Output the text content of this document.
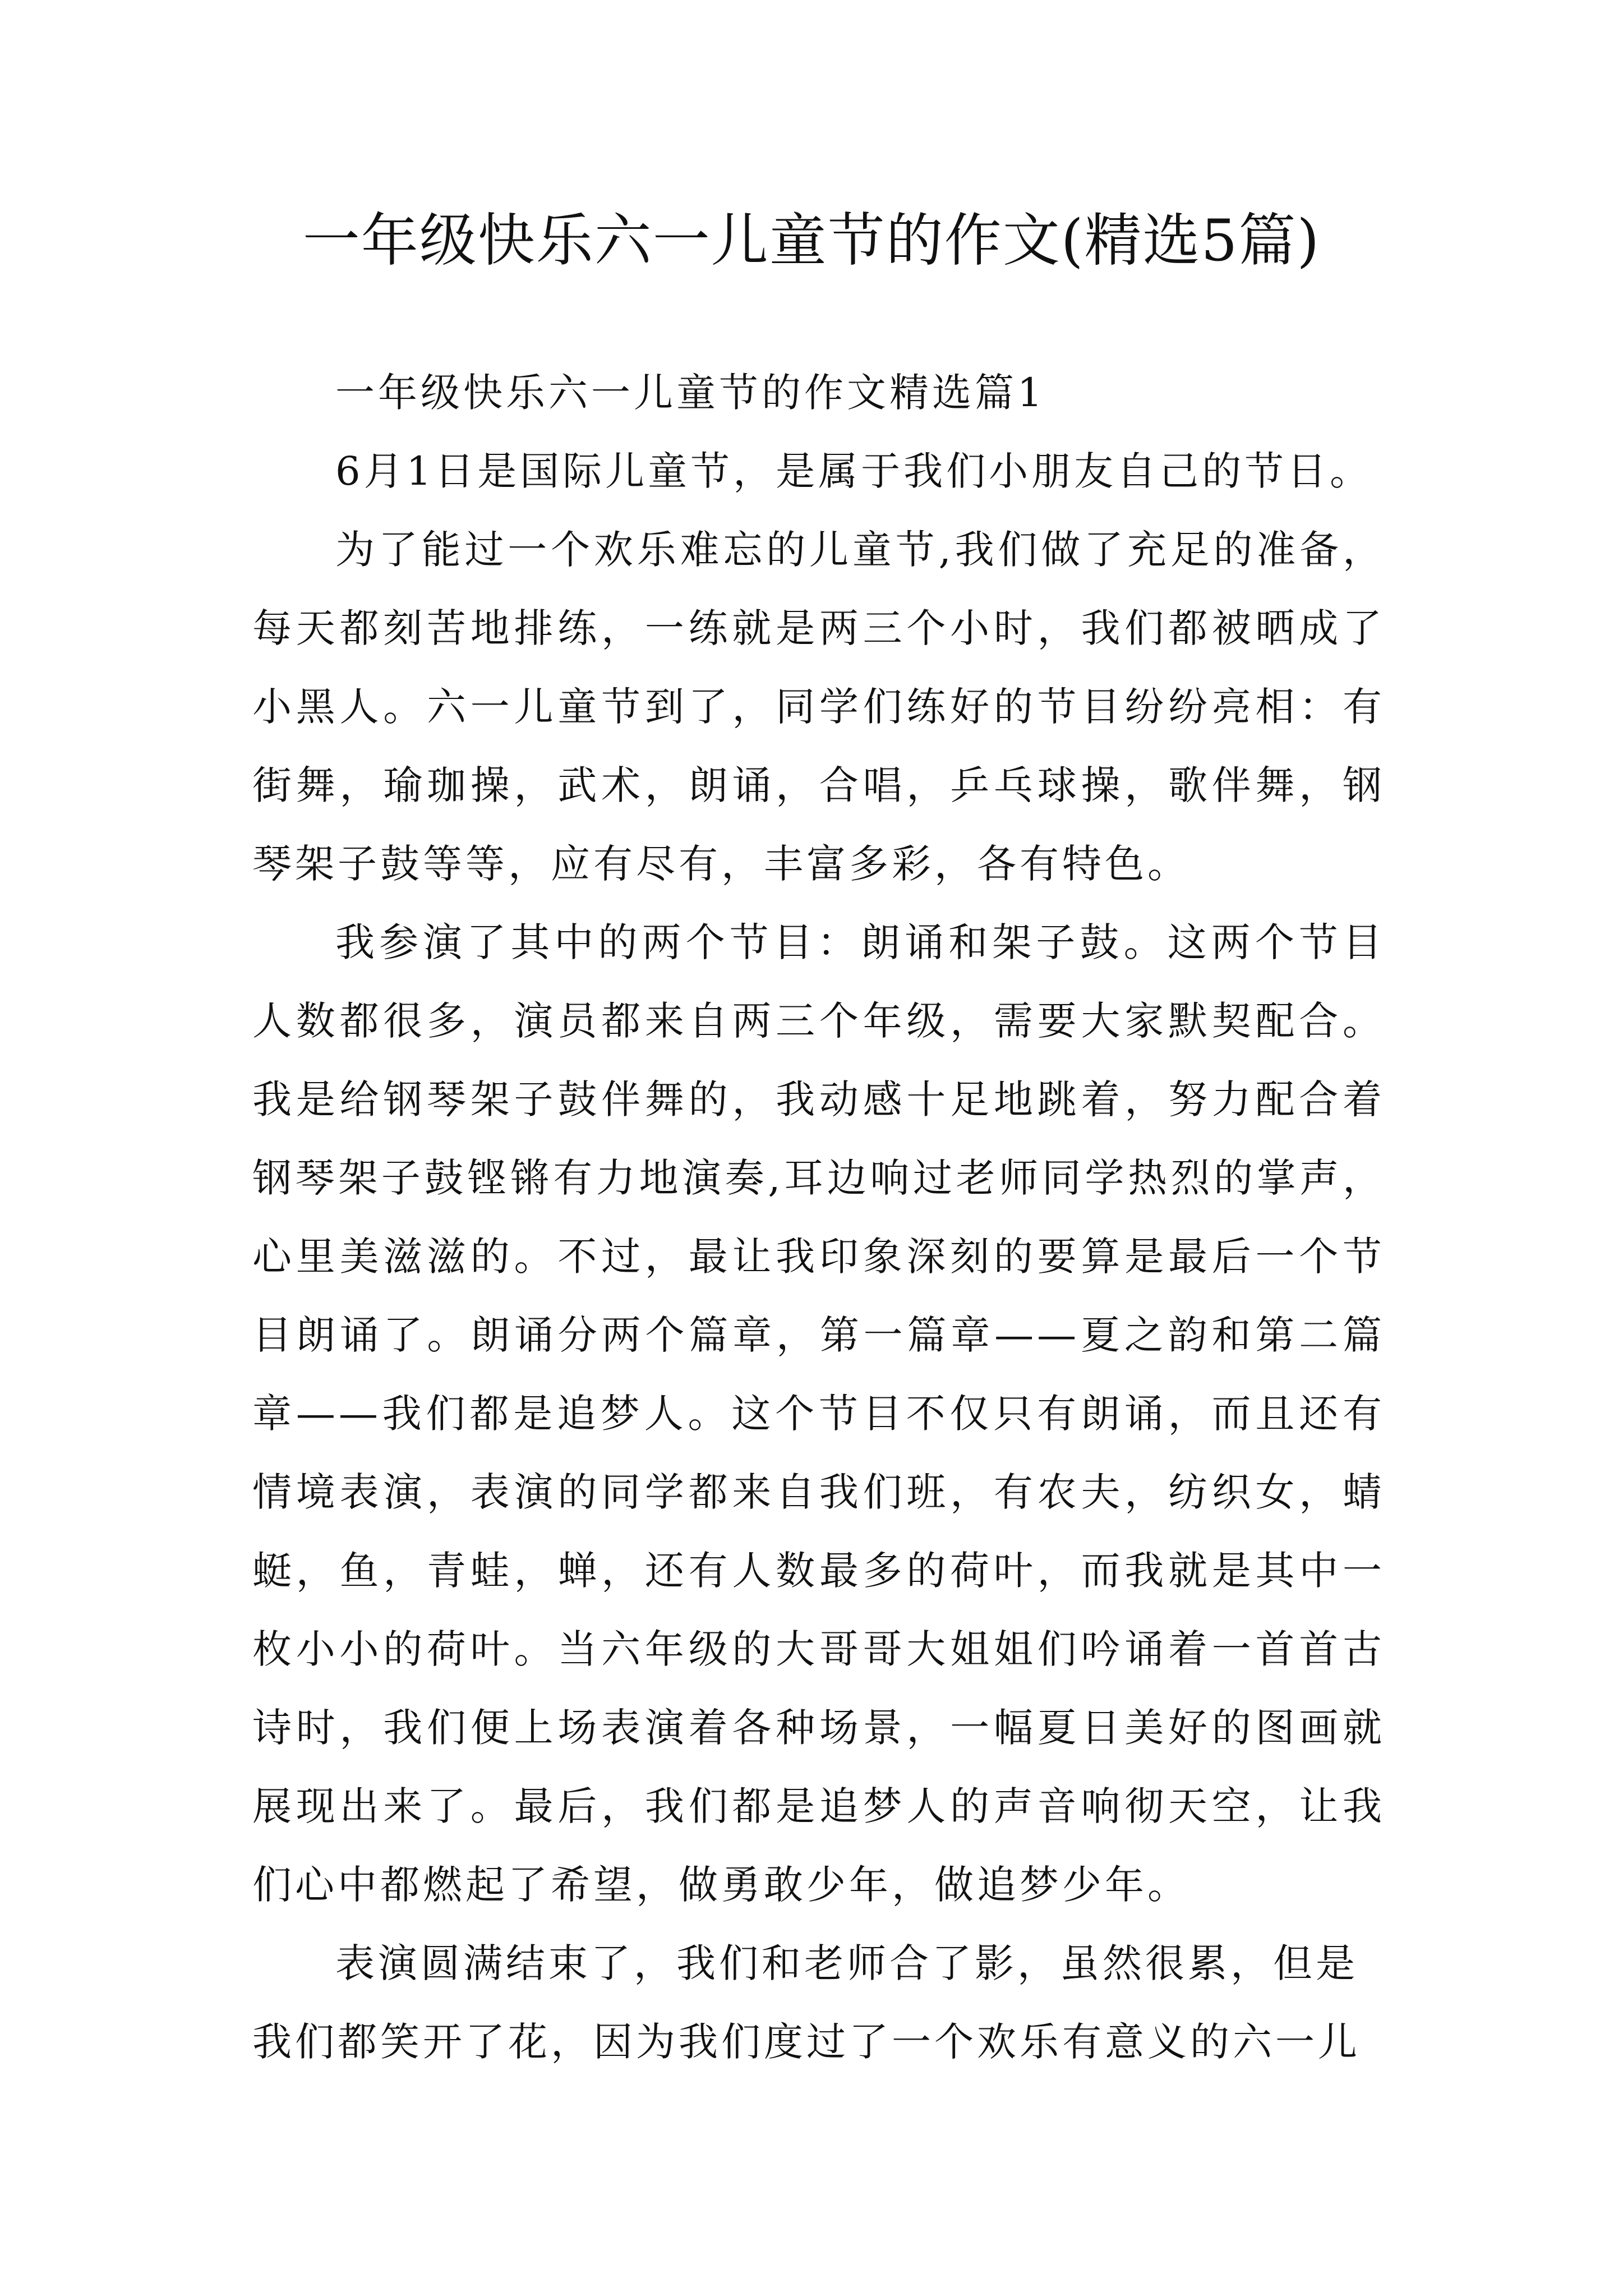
一年级快乐六一儿童节的作文(精选5篇)

一年级快乐六一儿童节的作文精选篇1

6月1日是国际儿童节，是属于我们小朋友自己的节日。

为了能过一个欢乐难忘的儿童节,我们做了充足的准备，每天都刻苦地排练，一练就是两三个小时，我们都被晒成了小黑人。六一儿童节到了，同学们练好的节目纷纷亮相：有街舞，瑜珈操，武术，朗诵，合唱，乒乓球操，歌伴舞，钢琴架子鼓等等，应有尽有，丰富多彩，各有特色。

我参演了其中的两个节目：朗诵和架子鼓。这两个节目人数都很多，演员都来自两三个年级，需要大家默契配合。我是给钢琴架子鼓伴舞的，我动感十足地跳着，努力配合着钢琴架子鼓铿锵有力地演奏,耳边响过老师同学热烈的掌声，心里美滋滋的。不过，最让我印象深刻的要算是最后一个节目朗诵了。朗诵分两个篇章，第一篇章——夏之韵和第二篇章——我们都是追梦人。这个节目不仅只有朗诵，而且还有情境表演，表演的同学都来自我们班，有农夫，纺织女，蜻蜓，鱼，青蛙，蝉，还有人数最多的荷叶，而我就是其中一枚小小的荷叶。当六年级的大哥哥大姐姐们吟诵着一首首古诗时，我们便上场表演着各种场景，一幅夏日美好的图画就展现出来了。最后，我们都是追梦人的声音响彻天空，让我们心中都燃起了希望，做勇敢少年，做追梦少年。

表演圆满结束了，我们和老师合了影，虽然很累，但是我们都笑开了花，因为我们度过了一个欢乐有意义的六一儿
